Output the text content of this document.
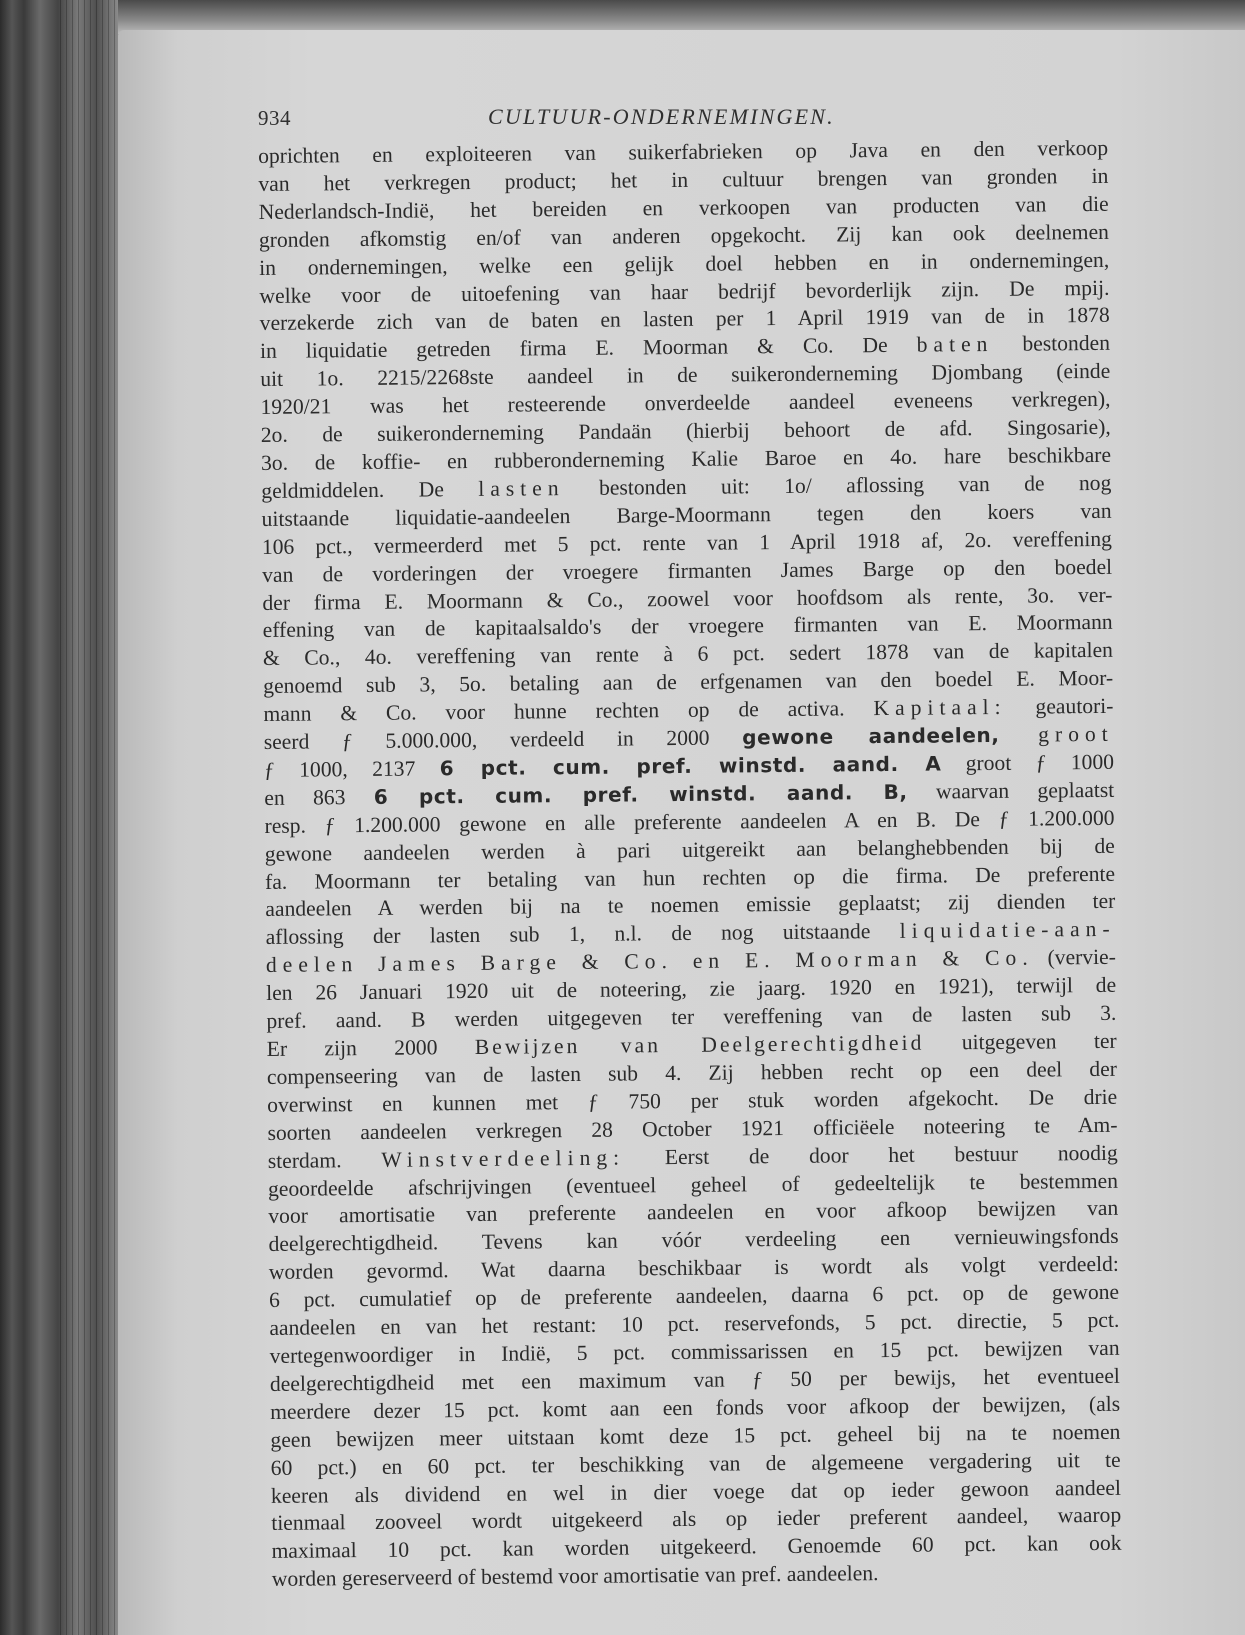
934	CULTUUR-ONDERNEMINGEN.
oprichten en exploiteeren van suikerfabrieken op Java en den verkoop
van het verkregen product; het in cultuur brengen van gronden in
Nederlandsch-Indië, het bereiden en verkoopen van producten van die
gronden afkomstig en/of van anderen opgekocht. Zij kan ook deelnemen
in ondernemingen, welke een gelijk doel hebben en in ondernemingen,
welke voor de uitoefening van haar bedrijf bevorderlijk zijn. De mpij.
verzekerde zich van de baten en lasten per 1 April 1919 van de in 1878
in liquidatie getreden firma E. Moorman & Co. De baten bestonden
uit 1o. 2215/2268ste aandeel in de suikeronderneming Djombang (einde
1920/21 was het resteerende onverdeelde aandeel eveneens verkregen),
2o. de suikeronderneming Pandaän (hierbij behoort de afd. Singosarie),
3o. de koffie- en rubberonderneming Kalie Baroe en 4o. hare beschikbare
geldmiddelen. De lasten bestonden uit: 1o/ aflossing van de nog
uitstaande liquidatie-aandeelen Barge-Moormann tegen den koers van
106 pct., vermeerderd met 5 pct. rente van 1 April 1918 af, 2o. vereffening
van de vorderingen der vroegere firmanten James Barge op den boedel
der firma E. Moormann & Co., zoowel voor hoofdsom als rente, 3o. ver-
effening van de kapitaalsaldo's der vroegere firmanten van E. Moormann
& Co., 4o. vereffening van rente à 6 pct. sedert 1878 van de kapitalen
genoemd sub 3, 5o. betaling aan de erfgenamen van den boedel E. Moor-
mann & Co. voor hunne rechten op de activa. Kapitaal: geautori-
seerd ƒ 5.000.000, verdeeld in 2000 gewone aandeelen, groot
ƒ 1000, 2137 6 pct. cum. pref. winstd. aand. A groot ƒ 1000
en 863 6 pct. cum. pref. winstd. aand. B, waarvan geplaatst
resp. ƒ 1.200.000 gewone en alle preferente aandeelen A en B. De ƒ 1.200.000
gewone aandeelen werden à pari uitgereikt aan belanghebbenden bij de
fa. Moormann ter betaling van hun rechten op die firma. De preferente
aandeelen A werden bij na te noemen emissie geplaatst; zij dienden ter
aflossing der lasten sub 1, n.l. de nog uitstaande liquidatie-aan-
deelen James Barge & Co. en E. Moorman & Co. (vervie-
len 26 Januari 1920 uit de noteering, zie jaarg. 1920 en 1921), terwijl de
pref. aand. B werden uitgegeven ter vereffening van de lasten sub 3.
Er zijn 2000 Bewijzen van Deelgerechtigdheid uitgegeven ter
compenseering van de lasten sub 4. Zij hebben recht op een deel der
overwinst en kunnen met ƒ 750 per stuk worden afgekocht. De drie
soorten aandeelen verkregen 28 October 1921 officiëele noteering te Am-
sterdam. Winstverdeeling: Eerst de door het bestuur noodig
geoordeelde afschrijvingen (eventueel geheel of gedeeltelijk te bestemmen
voor amortisatie van preferente aandeelen en voor afkoop bewijzen van
deelgerechtigdheid. Tevens kan vóór verdeeling een vernieuwingsfonds
worden gevormd. Wat daarna beschikbaar is wordt als volgt verdeeld:
6 pct. cumulatief op de preferente aandeelen, daarna 6 pct. op de gewone
aandeelen en van het restant: 10 pct. reservefonds, 5 pct. directie, 5 pct.
vertegenwoordiger in Indië, 5 pct. commissarissen en 15 pct. bewijzen van
deelgerechtigdheid met een maximum van ƒ 50 per bewijs, het eventueel
meerdere dezer 15 pct. komt aan een fonds voor afkoop der bewijzen, (als
geen bewijzen meer uitstaan komt deze 15 pct. geheel bij na te noemen
60 pct.) en 60 pct. ter beschikking van de algemeene vergadering uit te
keeren als dividend en wel in dier voege dat op ieder gewoon aandeel
tienmaal zooveel wordt uitgekeerd als op ieder preferent aandeel, waarop
maximaal 10 pct. kan worden uitgekeerd. Genoemde 60 pct. kan ook
worden gereserveerd of bestemd voor amortisatie van pref. aandeelen.
